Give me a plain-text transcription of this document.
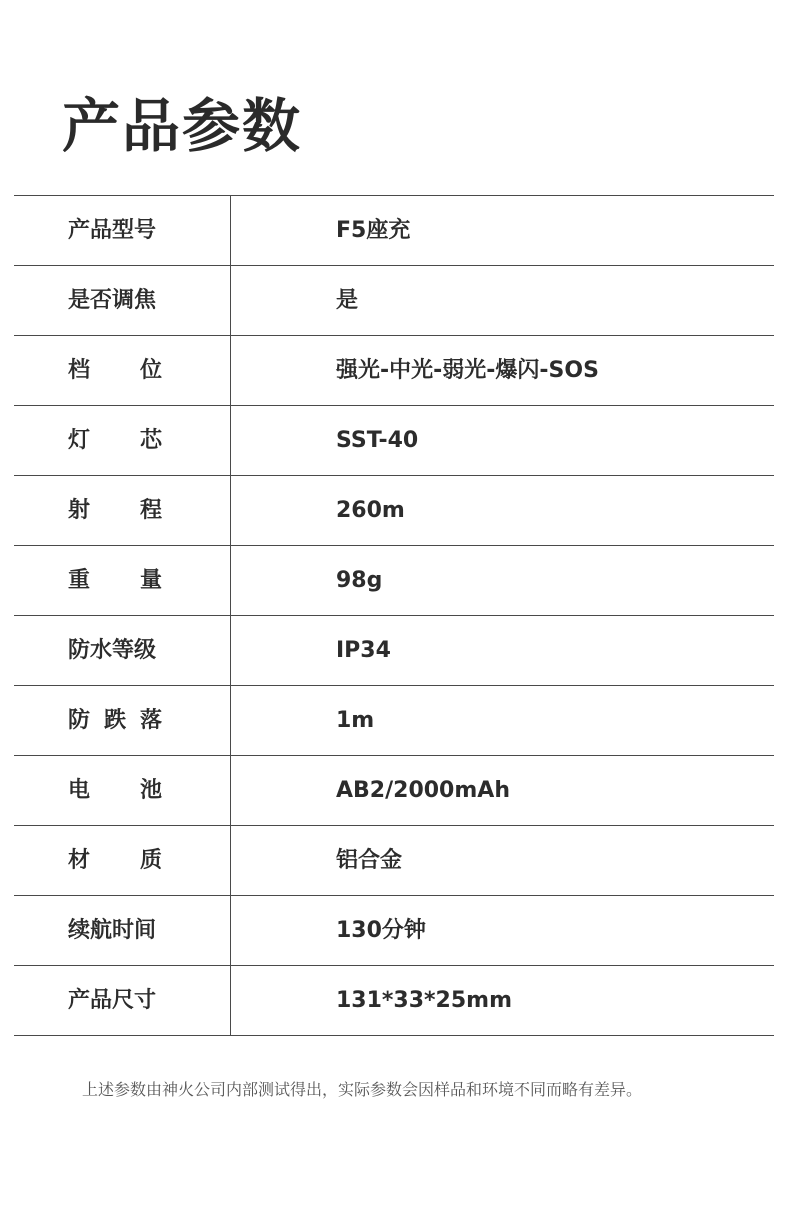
产品参数
产品型号	F5座充
是否调焦	是
档 位	强光-中光-弱光-爆闪-SOS
灯 芯	SST-40
射 程	260m
重 量	98g
防水等级	IP34
防 跌 落	1m
电 池	AB2/2000mAh
材 质	铝合金
续航时间	130分钟
产品尺寸	131*33*25mm
上述参数由神火公司内部测试得出，实际参数会因样品和环境不同而略有差异。
